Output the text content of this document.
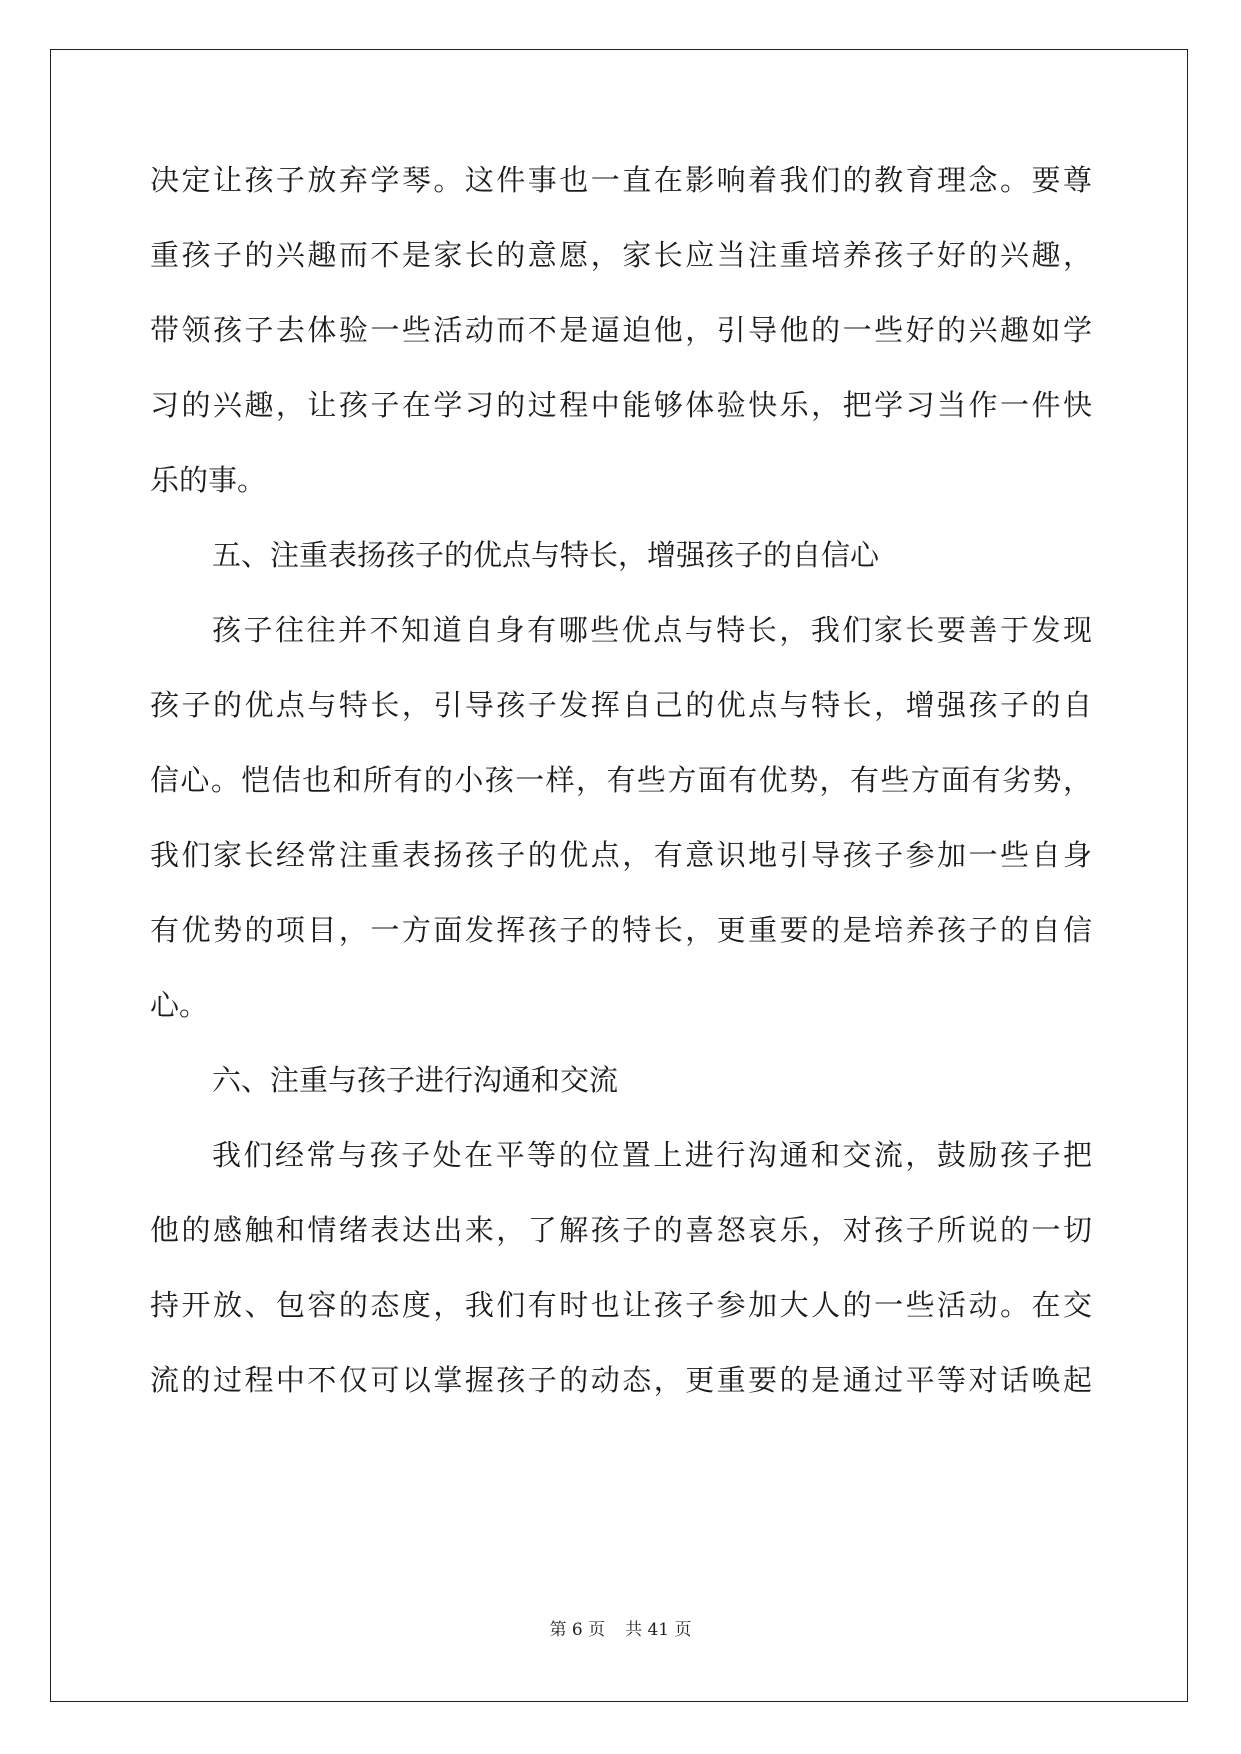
决定让孩子放弃学琴。这件事也一直在影响着我们的教育理念。要尊
重孩子的兴趣而不是家长的意愿，家长应当注重培养孩子好的兴趣，
带领孩子去体验一些活动而不是逼迫他，引导他的一些好的兴趣如学
习的兴趣，让孩子在学习的过程中能够体验快乐，把学习当作一件快
乐的事。
五、注重表扬孩子的优点与特长，增强孩子的自信心
孩子往往并不知道自身有哪些优点与特长，我们家长要善于发现
孩子的优点与特长，引导孩子发挥自己的优点与特长，增强孩子的自
信心。恺佶也和所有的小孩一样，有些方面有优势，有些方面有劣势，
我们家长经常注重表扬孩子的优点，有意识地引导孩子参加一些自身
有优势的项目，一方面发挥孩子的特长，更重要的是培养孩子的自信
心。
六、注重与孩子进行沟通和交流
我们经常与孩子处在平等的位置上进行沟通和交流，鼓励孩子把
他的感触和情绪表达出来，了解孩子的喜怒哀乐，对孩子所说的一切
持开放、包容的态度，我们有时也让孩子参加大人的一些活动。在交
流的过程中不仅可以掌握孩子的动态，更重要的是通过平等对话唤起
第 6 页 共 41 页
